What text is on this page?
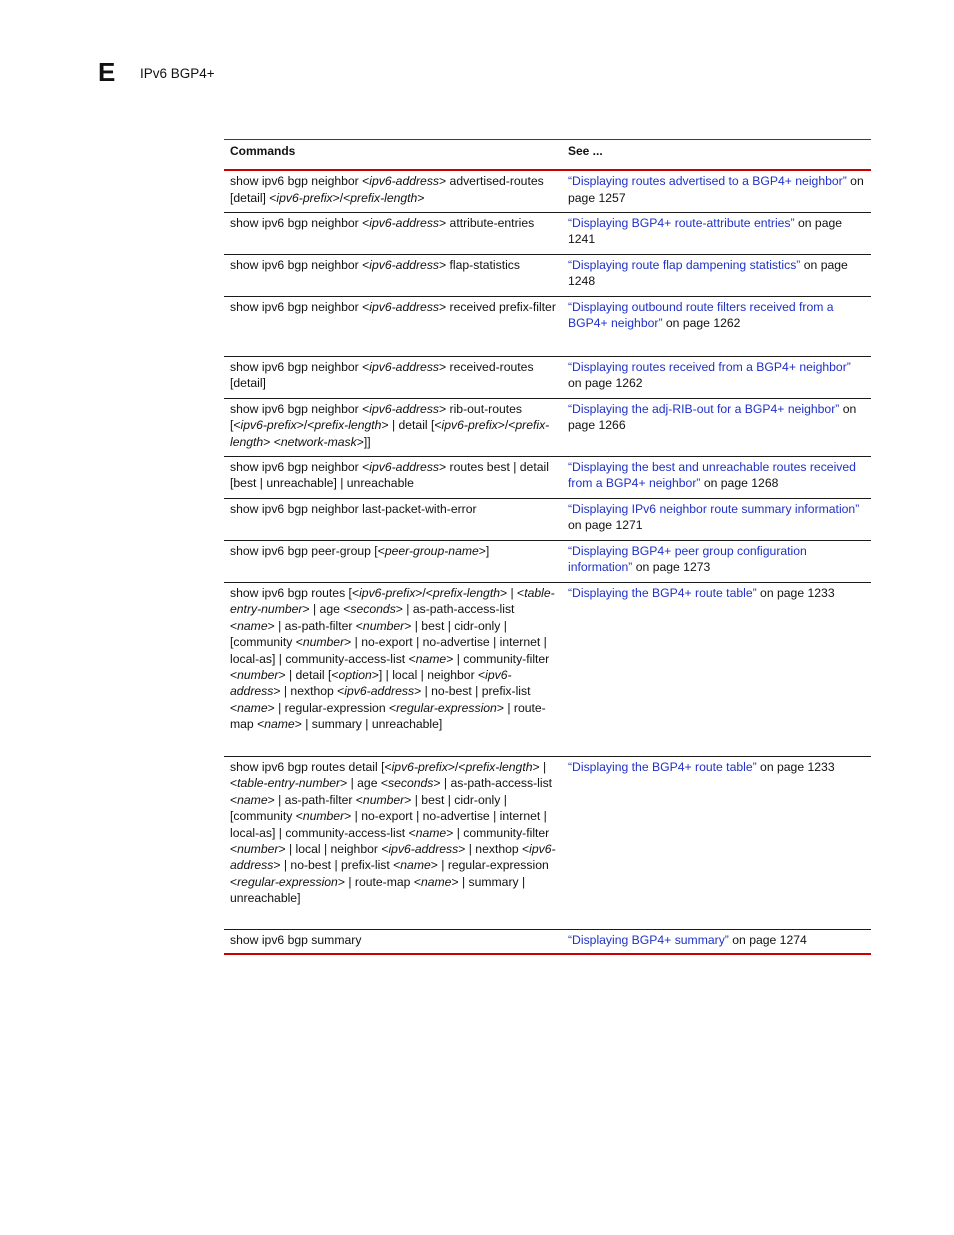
E IPv6 BGP4+
Commands	See ...
show ipv6 bgp neighbor <ipv6-address> advertised-routes [detail] <ipv6-prefix>/<prefix-length>	“Displaying routes advertised to a BGP4+ neighbor” on page 1257
show ipv6 bgp neighbor <ipv6-address> attribute-entries	“Displaying BGP4+ route-attribute entries” on page 1241
show ipv6 bgp neighbor <ipv6-address> flap-statistics	“Displaying route flap dampening statistics” on page 1248
show ipv6 bgp neighbor <ipv6-address> received prefix-filter	“Displaying outbound route filters received from a BGP4+ neighbor” on page 1262
show ipv6 bgp neighbor <ipv6-address> received-routes [detail]	“Displaying routes received from a BGP4+ neighbor” on page 1262
show ipv6 bgp neighbor <ipv6-address> rib-out-routes [<ipv6-prefix>/<prefix-length> | detail [<ipv6-prefix>/<prefix-length> <network-mask>]]	“Displaying the adj-RIB-out for a BGP4+ neighbor” on page 1266
show ipv6 bgp neighbor <ipv6-address> routes best | detail [best | unreachable] | unreachable	“Displaying the best and unreachable routes received from a BGP4+ neighbor” on page 1268
show ipv6 bgp neighbor last-packet-with-error	“Displaying IPv6 neighbor route summary information” on page 1271
show ipv6 bgp peer-group [<peer-group-name>]	“Displaying BGP4+ peer group configuration information” on page 1273
show ipv6 bgp routes [<ipv6-prefix>/<prefix-length> | <table-entry-number> | age <seconds> | as-path-access-list <name> | as-path-filter <number> | best | cidr-only | [community <number> | no-export | no-advertise | internet | local-as] | community-access-list <name> | community-filter <number> | detail [<option>] | local | neighbor <ipv6-address> | nexthop <ipv6-address> | no-best | prefix-list <name> | regular-expression <regular-expression> | route-map <name> | summary | unreachable]	“Displaying the BGP4+ route table” on page 1233
show ipv6 bgp routes detail [<ipv6-prefix>/<prefix-length> | <table-entry-number> | age <seconds> | as-path-access-list <name> | as-path-filter <number> | best | cidr-only | [community <number> | no-export | no-advertise | internet | local-as] | community-access-list <name> | community-filter <number> | local | neighbor <ipv6-address> | nexthop <ipv6-address> | no-best | prefix-list <name> | regular-expression <regular-expression> | route-map <name> | summary | unreachable]	“Displaying the BGP4+ route table” on page 1233
show ipv6 bgp summary	“Displaying BGP4+ summary” on page 1274
